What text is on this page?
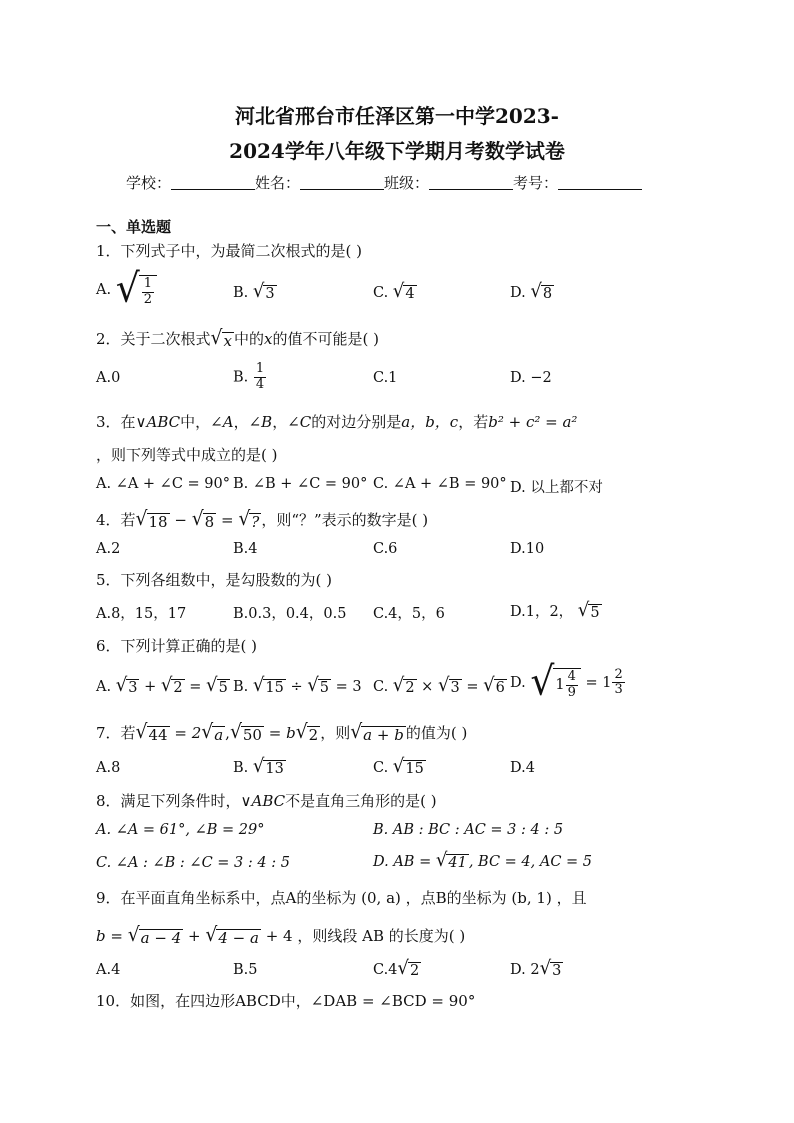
河北省邢台市任泽区第一中学2023-
2024学年八年级下学期月考数学试卷
学校：	姓名：	班级：	考号：
一、单选题
1．下列式子中，为最简二次根式的是( )
A. √ $\frac{1}{2}$	B. √ 3	C. √ 4	D. √ 8
2．关于二次根式 √ x 中的x的值不可能是( )
A.0	B. $\frac{1}{4}$	C.1	D. −2
3．在∨ABC中，∠A，∠B，∠C的对边分别是a，b，c，若b² + c² = a²
，则下列等式中成立的是( )
A. ∠A + ∠C = 90° B. ∠B + ∠C = 90° C. ∠A + ∠B = 90° D. 以上都不对
4．若 √ 18 − √ 8 = √ ? ，则“？”表示的数字是( )
A.2	B.4	C.6	D.10
5．下列各组数中，是勾股数的为( )
A.8，15，17	B.0.3，0.4，0.5 C.4，5，6	D.1，2， √ 5
6．下列计算正确的是( )
A. √ 3 + √ 2 = √ 5 B. √ 15 ÷ √ 5 = 3 C. √ 2 × √ 3 = √ 6 D. √ $1 \frac{4}{9} = 1 \frac{2}{3}$
7．若 √ 44 = 2 √ a , √ 50 = b √ 2 ，则 √ a + b 的值为( )
A.8	B. √ 13	C. √ 15	D.4
8．满足下列条件时，∨ABC不是直角三角形的是( )
A. ∠A = 61°, ∠B = 29°	B. AB : BC : AC = 3 : 4 : 5
C. ∠A : ∠B : ∠C = 3 : 4 : 5	D. AB = √ 41 , BC = 4, AC = 5
9．在平面直角坐标系中，点A的坐标为 (0, a) ，点B的坐标为 (b, 1) ，且
b = √ a − 4 + √ 4 − a + 4 ，则线段 AB 的长度为( )
A.4	B.5	C.4 √ 2	D. 2 √ 3
10．如图，在四边形ABCD中，∠DAB = ∠BCD = 90°
